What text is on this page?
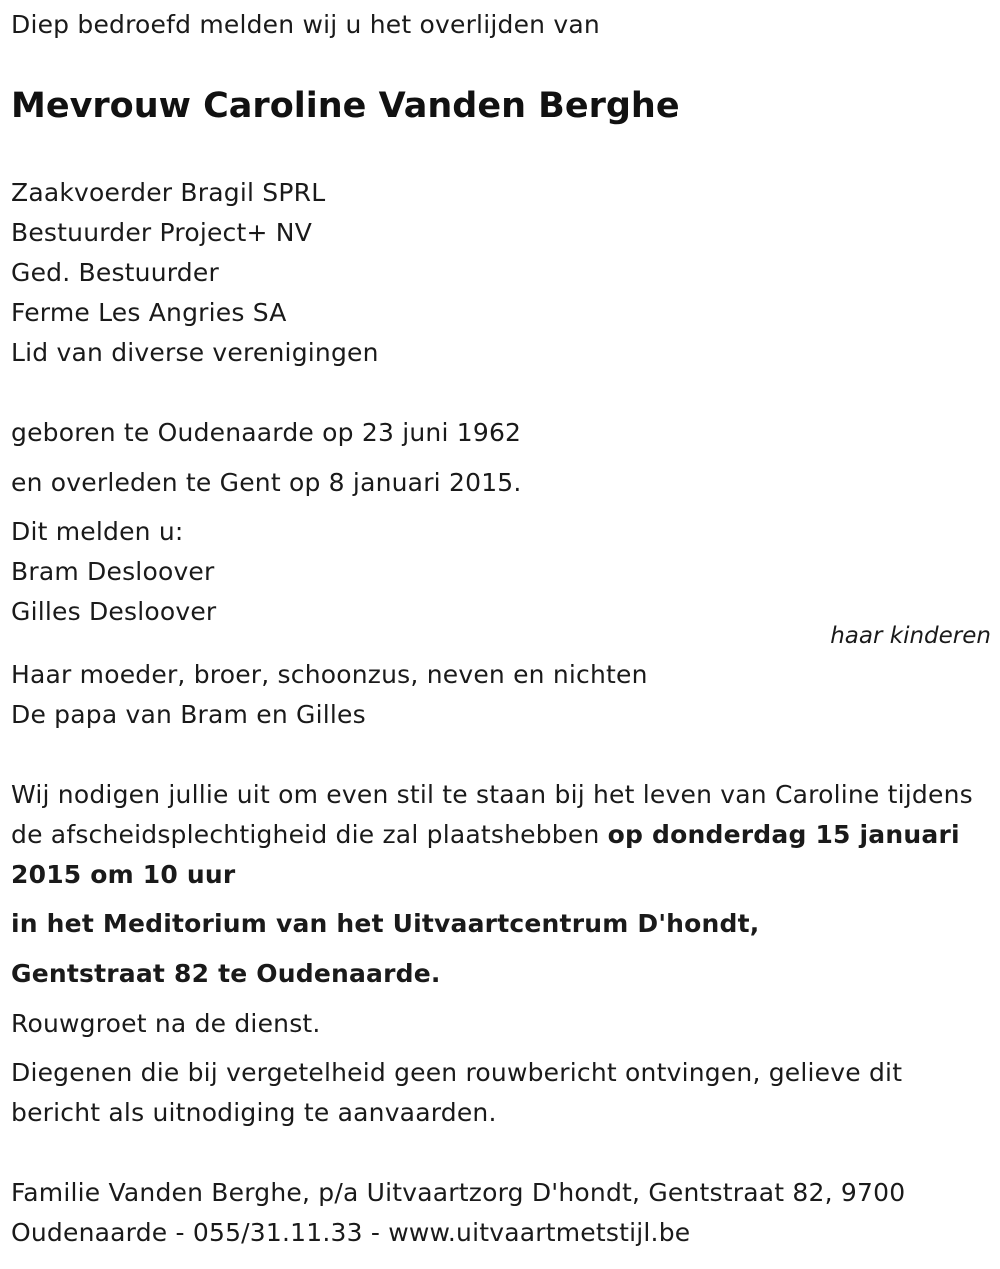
Diep bedroefd melden wij u het overlijden van
Mevrouw Caroline Vanden Berghe
Zaakvoerder Bragil SPRL
Bestuurder Project+ NV
Ged. Bestuurder
Ferme Les Angries SA
Lid van diverse verenigingen
geboren te Oudenaarde op 23 juni 1962
en overleden te Gent op 8 januari 2015.
Dit melden u:
Bram Desloover
Gilles Desloover
haar kinderen
Haar moeder, broer, schoonzus, neven en nichten
De papa van Bram en Gilles
Wij nodigen jullie uit om even stil te staan bij het leven van Caroline tijdens de afscheidsplechtigheid die zal plaatshebben op donderdag 15 januari 2015 om 10 uur
in het Meditorium van het Uitvaartcentrum D'hondt,
Gentstraat 82 te Oudenaarde.
Rouwgroet na de dienst.
Diegenen die bij vergetelheid geen rouwbericht ontvingen, gelieve dit bericht als uitnodiging te aanvaarden.
Familie Vanden Berghe, p/a Uitvaartzorg D'hondt, Gentstraat 82, 9700 Oudenaarde - 055/31.11.33 - www.uitvaartmetstijl.be
